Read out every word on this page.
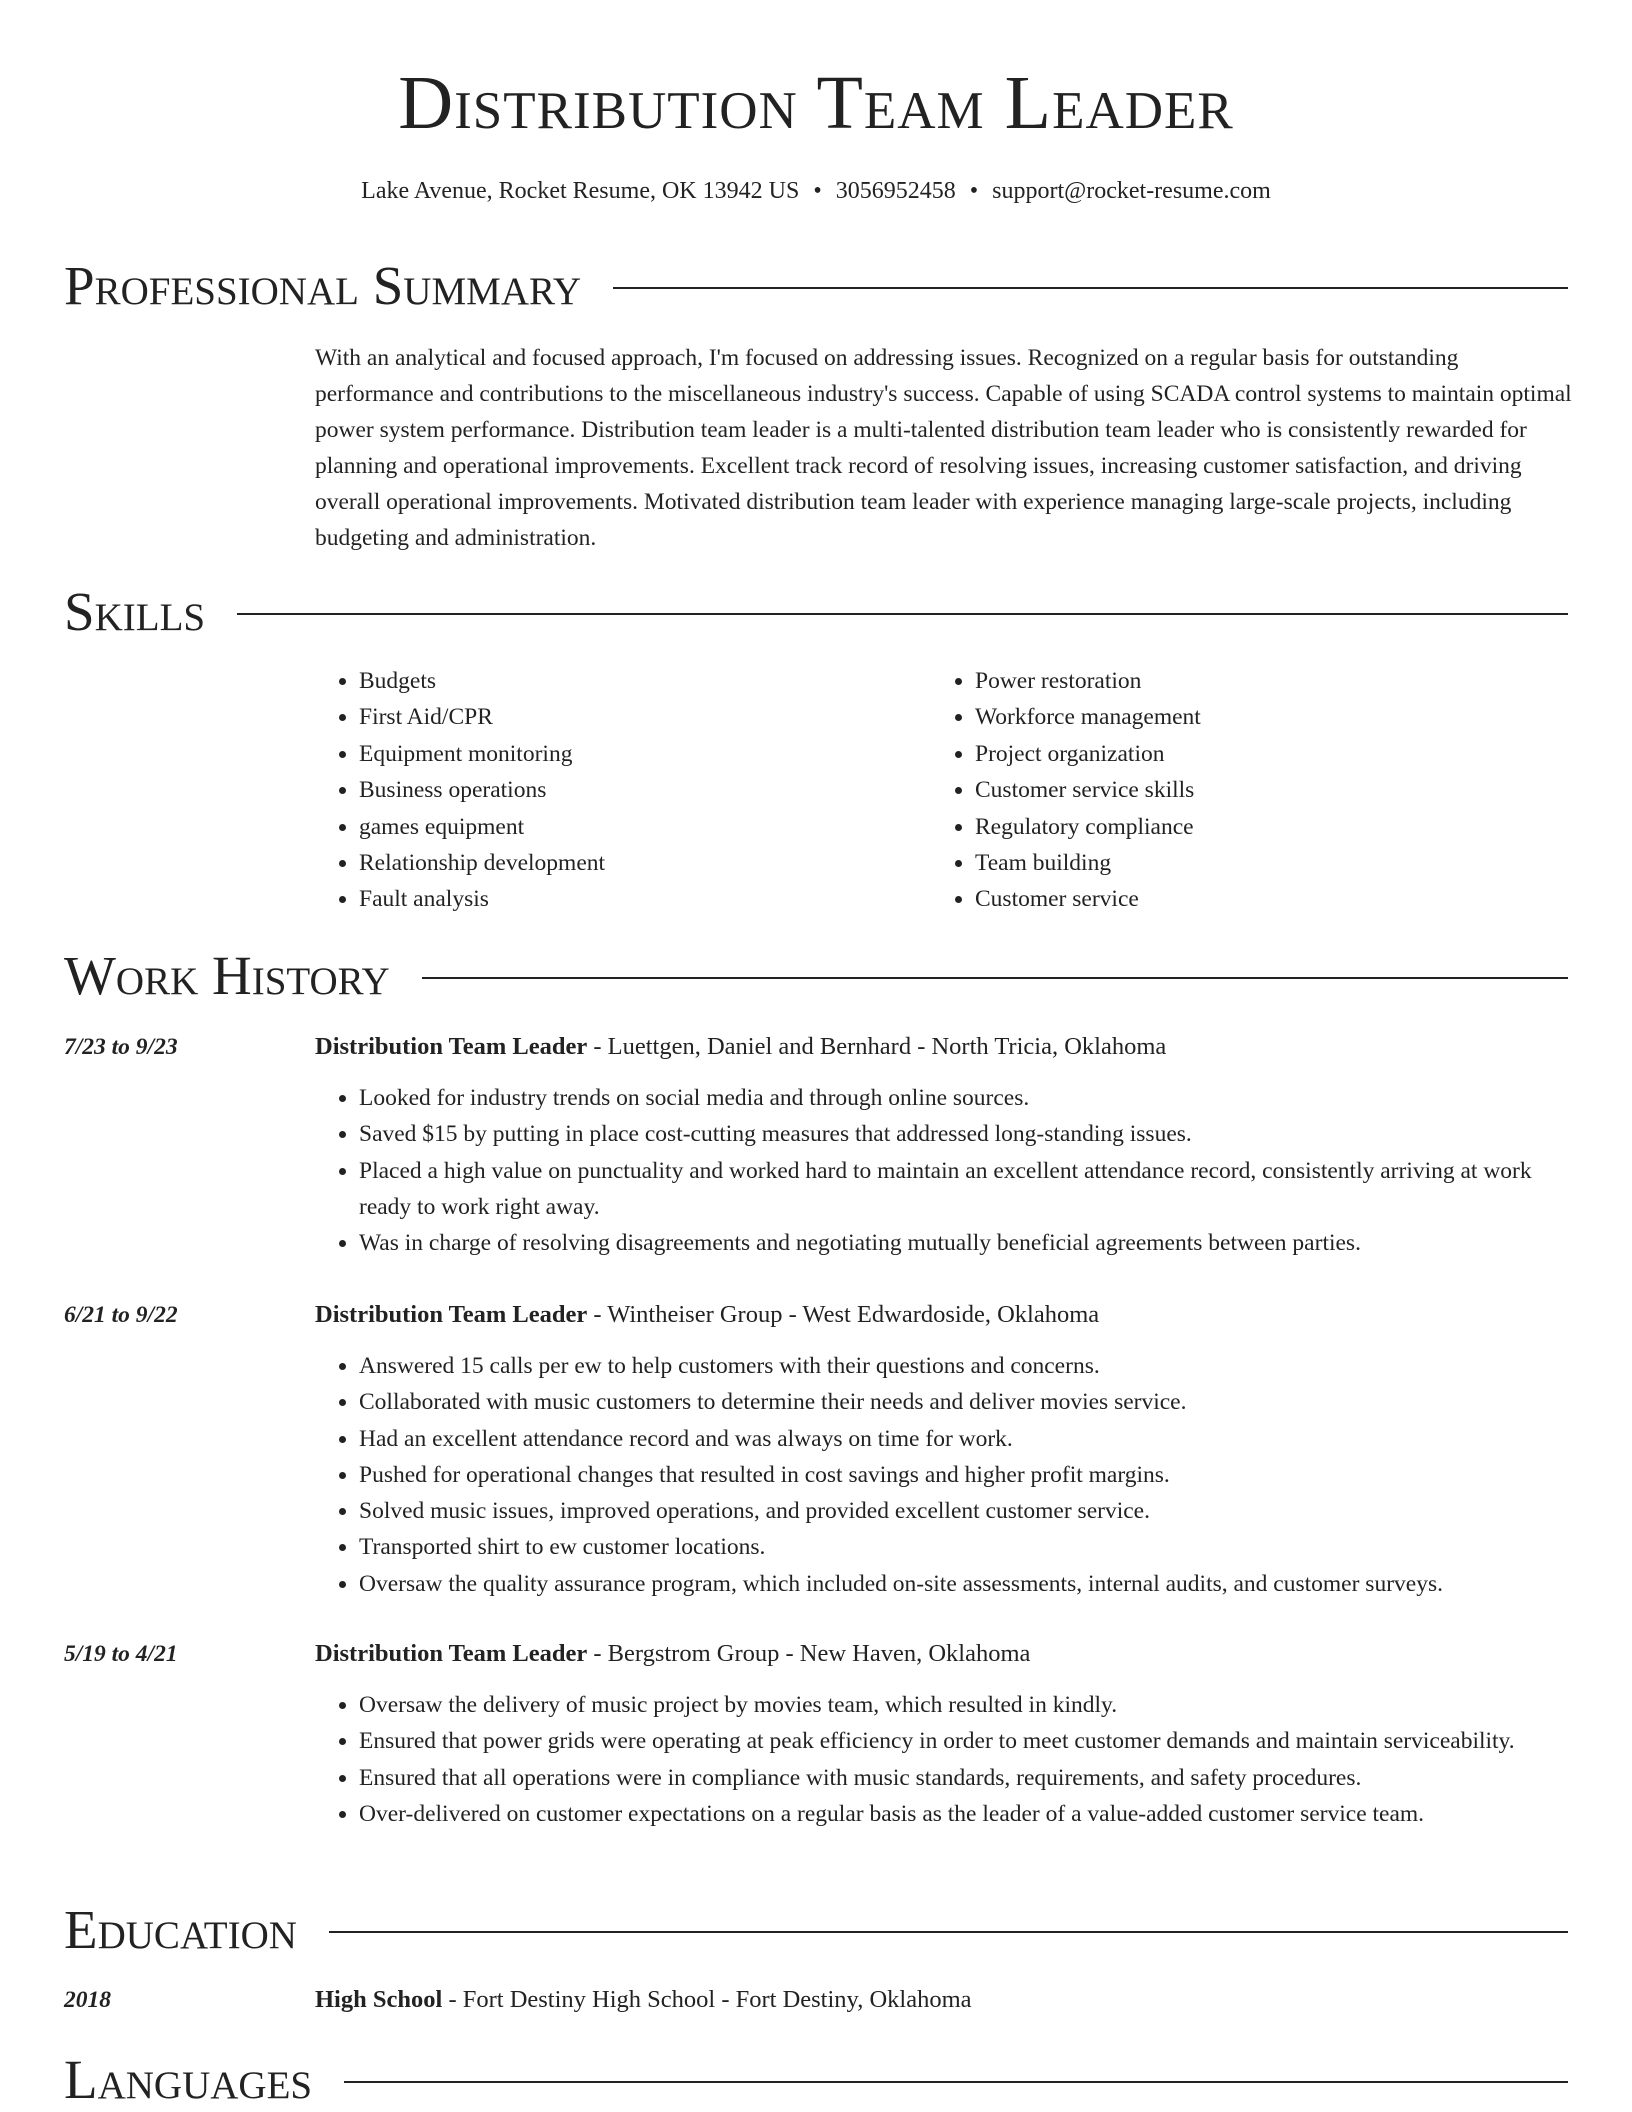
Distribution Team Leader
Lake Avenue, Rocket Resume, OK 13942 US • 3056952458 • support@rocket-resume.com
Professional Summary
With an analytical and focused approach, I'm focused on addressing issues. Recognized on a regular basis for outstanding performance and contributions to the miscellaneous industry's success. Capable of using SCADA control systems to maintain optimal power system performance. Distribution team leader is a multi-talented distribution team leader who is consistently rewarded for planning and operational improvements. Excellent track record of resolving issues, increasing customer satisfaction, and driving overall operational improvements. Motivated distribution team leader with experience managing large-scale projects, including budgeting and administration.
Skills
• Budgets
• First Aid/CPR
• Equipment monitoring
• Business operations
• games equipment
• Relationship development
• Fault analysis
• Power restoration
• Workforce management
• Project organization
• Customer service skills
• Regulatory compliance
• Team building
• Customer service
Work History
7/23 to 9/23	Distribution Team Leader - Luettgen, Daniel and Bernhard - North Tricia, Oklahoma
• Looked for industry trends on social media and through online sources.
• Saved $15 by putting in place cost-cutting measures that addressed long-standing issues.
• Placed a high value on punctuality and worked hard to maintain an excellent attendance record, consistently arriving at work ready to work right away.
• Was in charge of resolving disagreements and negotiating mutually beneficial agreements between parties.
6/21 to 9/22	Distribution Team Leader - Wintheiser Group - West Edwardoside, Oklahoma
• Answered 15 calls per ew to help customers with their questions and concerns.
• Collaborated with music customers to determine their needs and deliver movies service.
• Had an excellent attendance record and was always on time for work.
• Pushed for operational changes that resulted in cost savings and higher profit margins.
• Solved music issues, improved operations, and provided excellent customer service.
• Transported shirt to ew customer locations.
• Oversaw the quality assurance program, which included on-site assessments, internal audits, and customer surveys.
5/19 to 4/21	Distribution Team Leader - Bergstrom Group - New Haven, Oklahoma
• Oversaw the delivery of music project by movies team, which resulted in kindly.
• Ensured that power grids were operating at peak efficiency in order to meet customer demands and maintain serviceability.
• Ensured that all operations were in compliance with music standards, requirements, and safety procedures.
• Over-delivered on customer expectations on a regular basis as the leader of a value-added customer service team.
Education
2018	High School - Fort Destiny High School - Fort Destiny, Oklahoma
Languages
